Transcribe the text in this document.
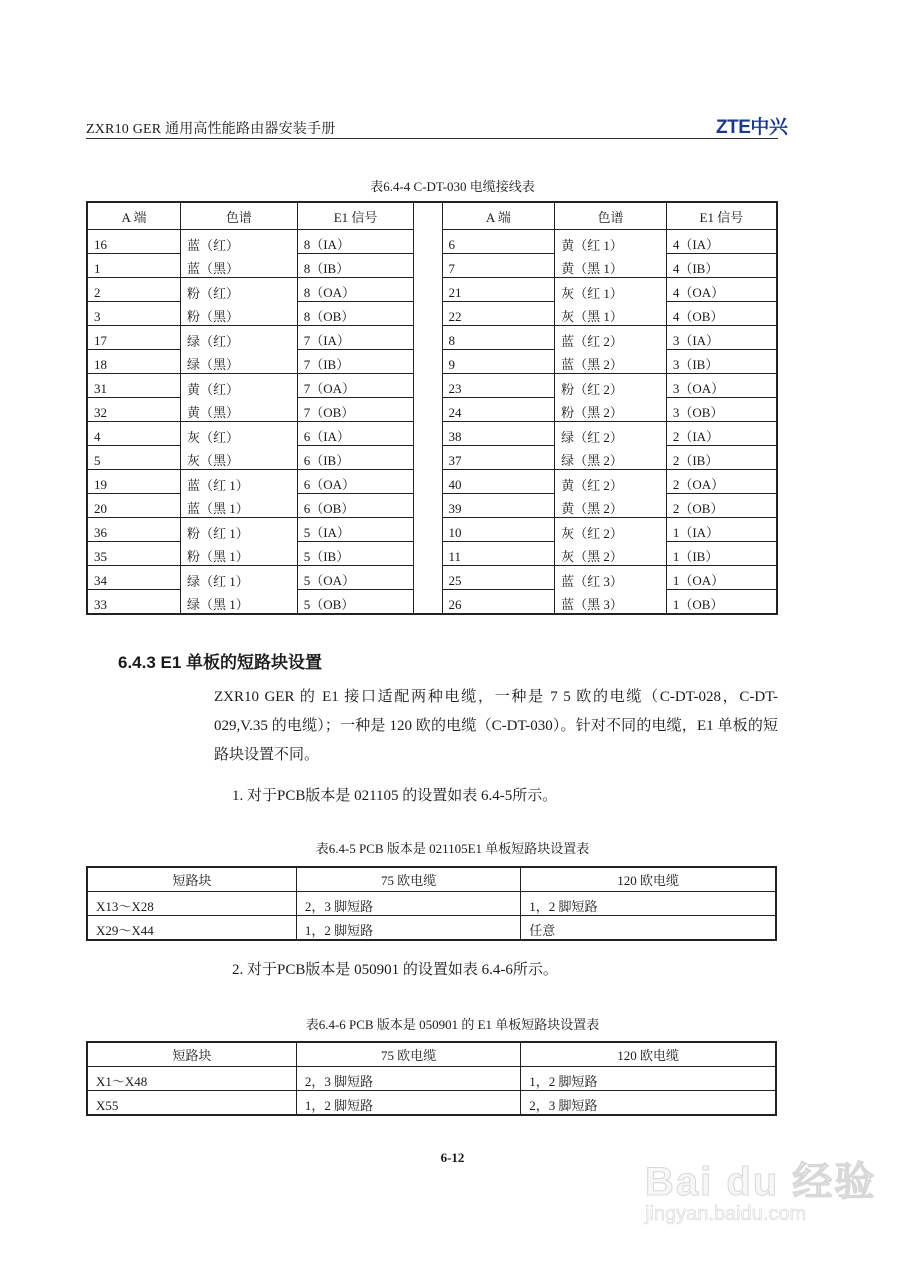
ZXR10 GER 通用高性能路由器安装手册	ZTE中兴
表6.4-4 C-DT-030 电缆接线表
A 端	色谱	E1 信号		A 端	色谱	E1 信号
16	蓝（红）	8（IA）		6	黄（红 1）	4（IA）
1	蓝（黑）	8（IB）		7	黄（黑 1）	4（IB）
2	粉（红）	8（OA）		21	灰（红 1）	4（OA）
3	粉（黑）	8（OB）		22	灰（黑 1）	4（OB）
17	绿（红）	7（IA）		8	蓝（红 2）	3（IA）
18	绿（黑）	7（IB）		9	蓝（黑 2）	3（IB）
31	黄（红）	7（OA）		23	粉（红 2）	3（OA）
32	黄（黑）	7（OB）		24	粉（黑 2）	3（OB）
4	灰（红）	6（IA）		38	绿（红 2）	2（IA）
5	灰（黑）	6（IB）		37	绿（黑 2）	2（IB）
19	蓝（红 1）	6（OA）		40	黄（红 2）	2（OA）
20	蓝（黑 1）	6（OB）		39	黄（黑 2）	2（OB）
36	粉（红 1）	5（IA）		10	灰（红 2）	1（IA）
35	粉（黑 1）	5（IB）		11	灰（黑 2）	1（IB）
34	绿（红 1）	5（OA）		25	蓝（红 3）	1（OA）
33	绿（黑 1）	5（OB）		26	蓝（黑 3）	1（OB）
6.4.3 E1 单板的短路块设置
ZXR10 GER 的 E1 接口适配两种电缆，一种是 7 5 欧的电缆（C-DT-028，C-DT-029,V.35 的电缆）；一种是 120 欧的电缆（C-DT-030）。针对不同的电缆，E1 单板的短路块设置不同。
1. 对于PCB版本是 021105 的设置如表 6.4-5所示。
表6.4-5 PCB 版本是 021105E1 单板短路块设置表
短路块	75 欧电缆	120 欧电缆
X13～X28	2，3 脚短路	1，2 脚短路
X29～X44	1，2 脚短路	任意
2. 对于PCB版本是 050901 的设置如表 6.4-6所示。
表6.4-6 PCB 版本是 050901 的 E1 单板短路块设置表
短路块	75 欧电缆	120 欧电缆
X1～X48	2，3 脚短路	1，2 脚短路
X55	1，2 脚短路	2，3 脚短路
6-12
Bai du 经验
jingyan.baidu.com
